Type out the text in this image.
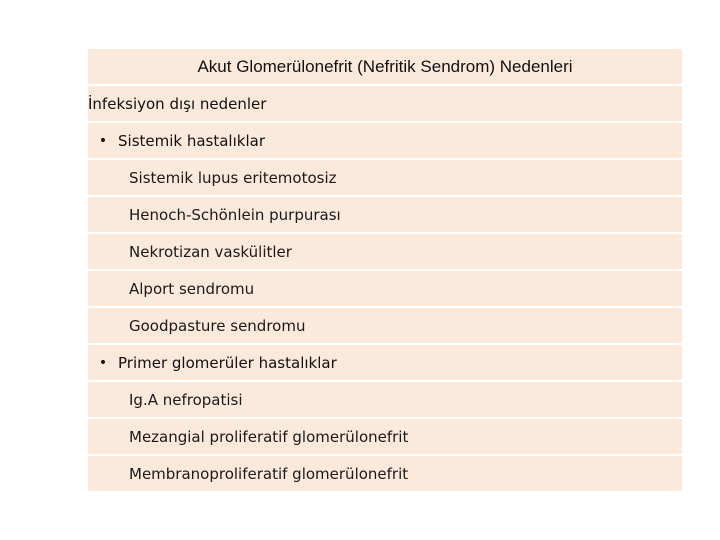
Akut Glomerülonefrit (Nefritik Sendrom) Nedenleri
İnfeksiyon dışı nedenler
• Sistemik hastalıklar
Sistemik lupus eritemotosiz
Henoch-Schönlein purpurası
Nekrotizan vaskülitler
Alport sendromu
Goodpasture sendromu
• Primer glomerüler hastalıklar
Ig.A nefropatisi
Mezangial proliferatif glomerülonefrit
Membranoproliferatif glomerülonefrit
